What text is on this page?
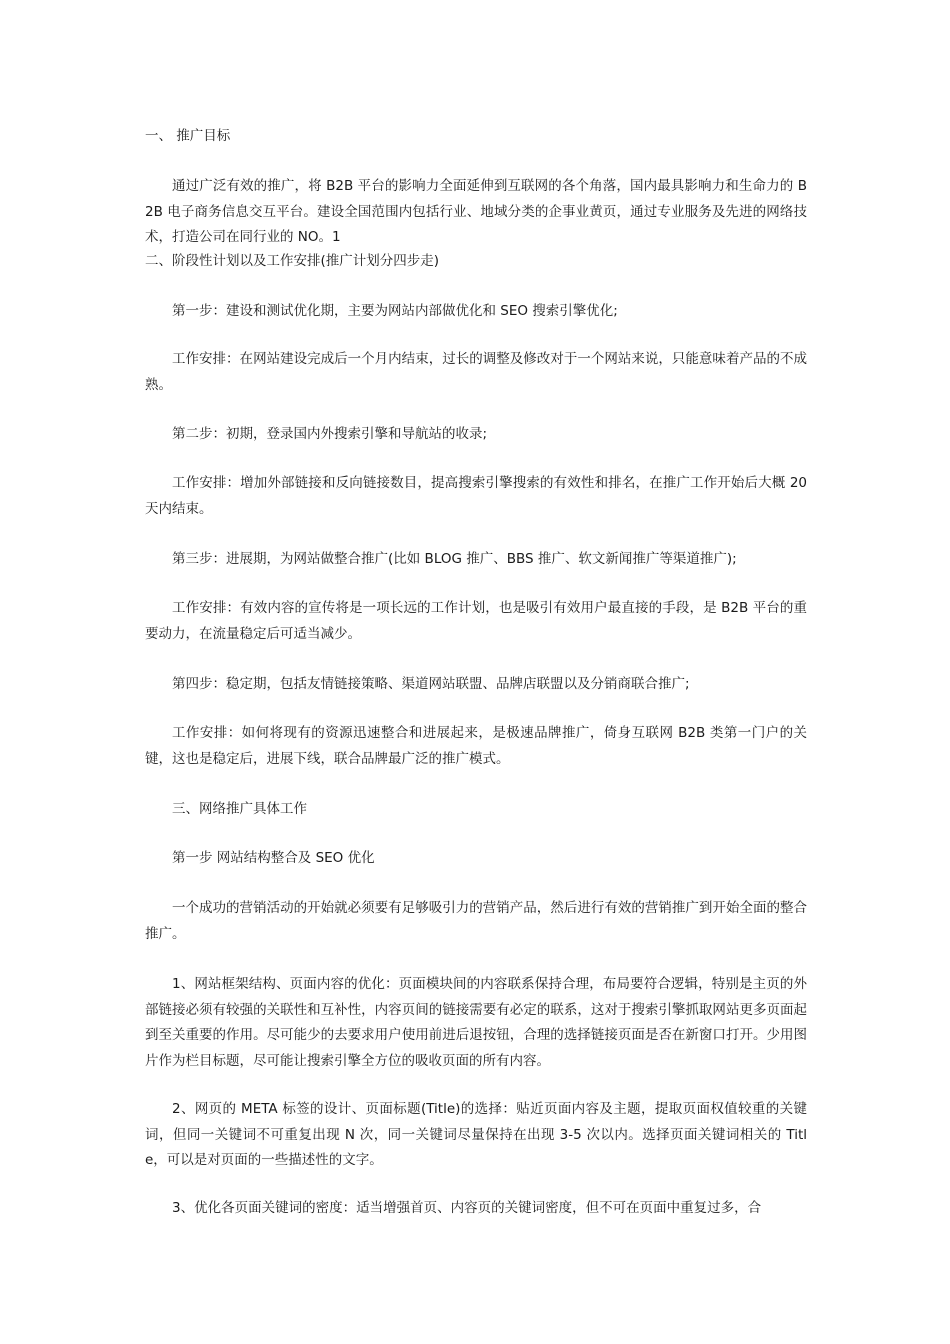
一、 推广目标

通过广泛有效的推广，将 B2B 平台的影响力全面延伸到互联网的各个角落，国内最具影响力和生命力的 B2B 电子商务信息交互平台。建设全国范围内包括行业、地域分类的企事业黄页，通过专业服务及先进的网络技术，打造公司在同行业的 NO。1

二、阶段性计划以及工作安排(推广计划分四步走)

第一步：建设和测试优化期，主要为网站内部做优化和 SEO 搜索引擎优化;

工作安排：在网站建设完成后一个月内结束，过长的调整及修改对于一个网站来说，只能意味着产品的不成熟。

第二步：初期，登录国内外搜索引擎和导航站的收录;

工作安排：增加外部链接和反向链接数目，提高搜索引擎搜索的有效性和排名，在推广工作开始后大概 20 天内结束。

第三步：进展期，为网站做整合推广(比如 BLOG 推广、BBS 推广、软文新闻推广等渠道推广);

工作安排：有效内容的宣传将是一项长远的工作计划，也是吸引有效用户最直接的手段，是 B2B 平台的重要动力，在流量稳定后可适当减少。

第四步：稳定期，包括友情链接策略、渠道网站联盟、品牌店联盟以及分销商联合推广;

工作安排：如何将现有的资源迅速整合和进展起来，是极速品牌推广，倚身互联网 B2B 类第一门户的关键，这也是稳定后，进展下线，联合品牌最广泛的推广模式。

三、网络推广具体工作

第一步 网站结构整合及 SEO 优化

一个成功的营销活动的开始就必须要有足够吸引力的营销产品，然后进行有效的营销推广到开始全面的整合推广。

1、网站框架结构、页面内容的优化：页面模块间的内容联系保持合理，布局要符合逻辑，特别是主页的外部链接必须有较强的关联性和互补性，内容页间的链接需要有必定的联系，这对于搜索引擎抓取网站更多页面起到至关重要的作用。尽可能少的去要求用户使用前进后退按钮，合理的选择链接页面是否在新窗口打开。少用图片作为栏目标题，尽可能让搜索引擎全方位的吸收页面的所有内容。

2、网页的 META 标签的设计、页面标题(Title)的选择：贴近页面内容及主题，提取页面权值较重的关键词，但同一关键词不可重复出现 N 次，同一关键词尽量保持在出现 3-5 次以内。选择页面关键词相关的 Title，可以是对页面的一些描述性的文字。

3、优化各页面关键词的密度：适当增强首页、内容页的关键词密度，但不可在页面中重复过多，合
